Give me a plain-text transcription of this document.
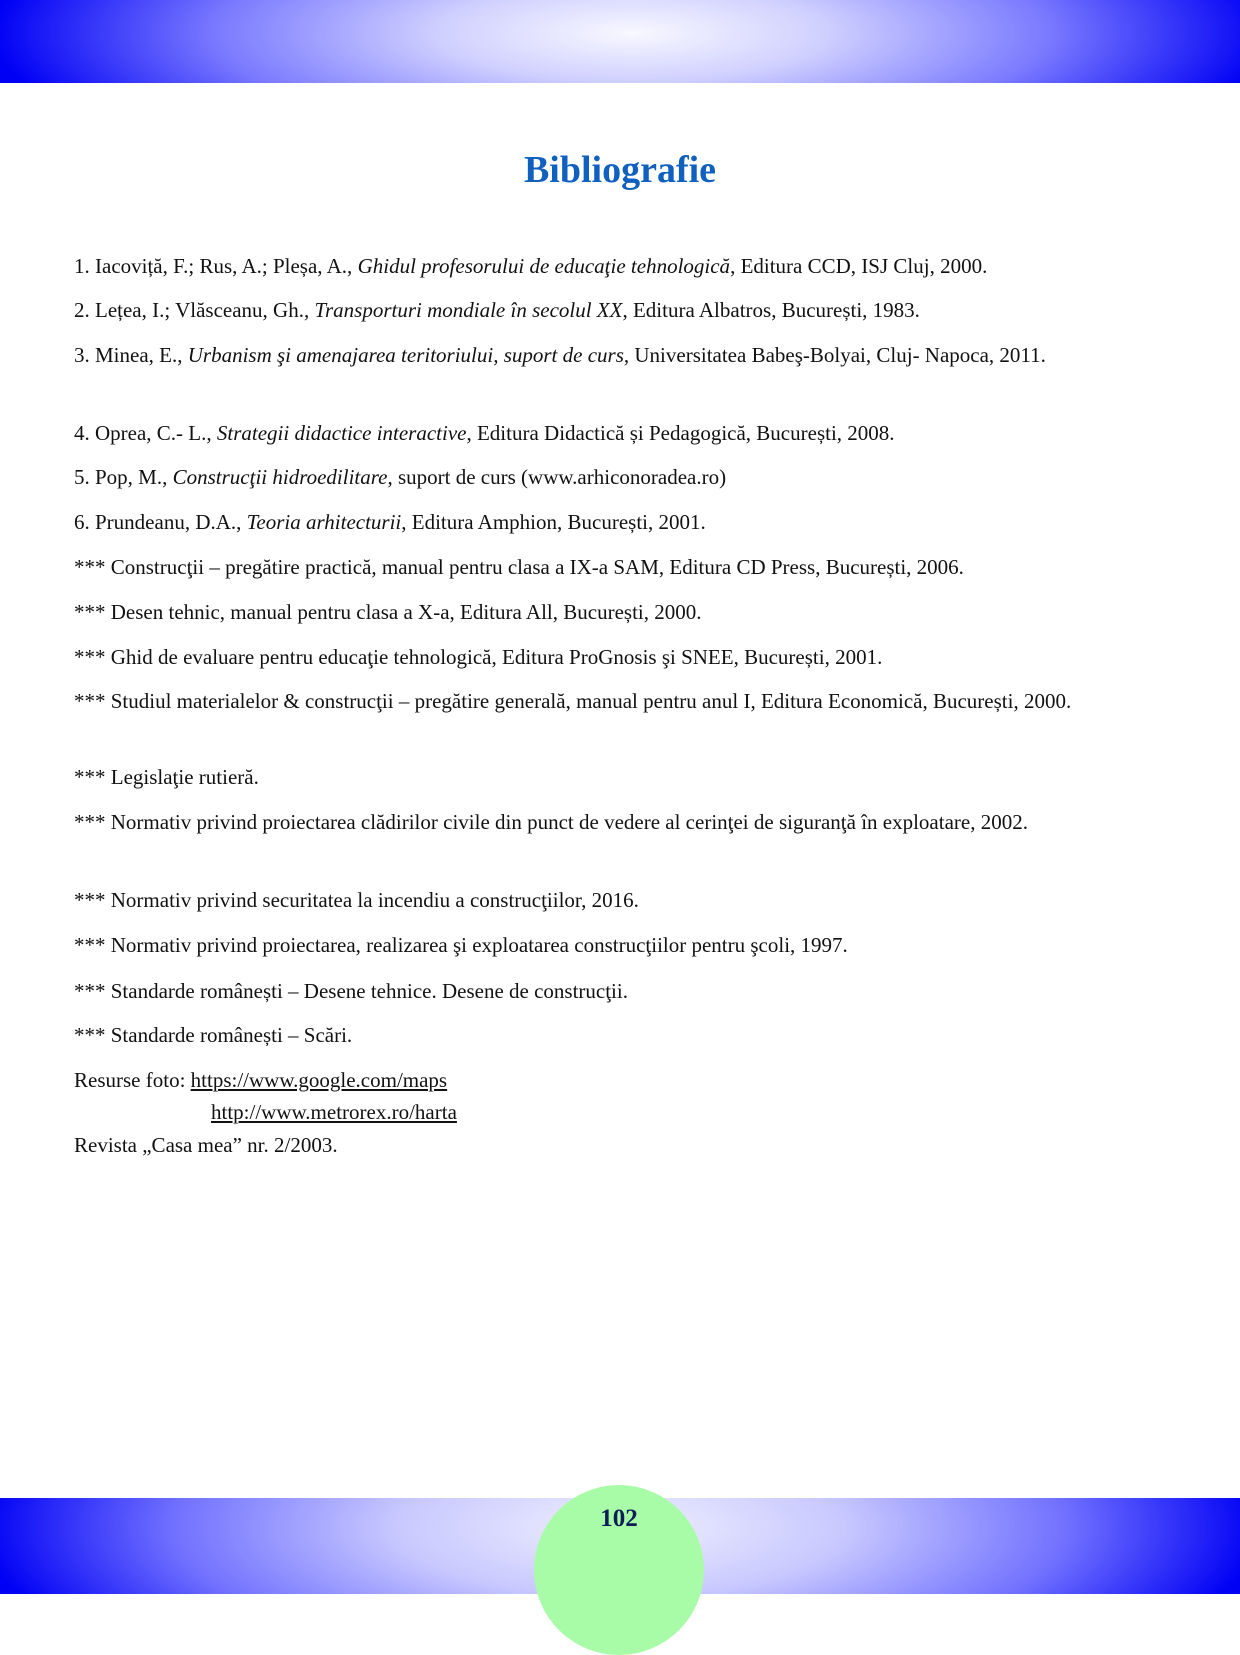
Bibliografie
1. Iacoviță, F.; Rus, A.; Pleșa, A., Ghidul profesorului de educaţie tehnologică, Editura CCD, ISJ Cluj, 2000.
2. Lețea, I.; Vlăsceanu, Gh., Transporturi mondiale în secolul XX, Editura Albatros, București, 1983.
3. Minea, E., Urbanism şi amenajarea teritoriului, suport de curs, Universitatea Babeş-Bolyai, Cluj- Napoca, 2011.
4. Oprea, C.- L., Strategii didactice interactive, Editura Didactică și Pedagogică, București, 2008.
5. Pop, M., Construcţii hidroedilitare, suport de curs (www.arhiconoradea.ro)
6. Prundeanu, D.A., Teoria arhitecturii, Editura Amphion, București, 2001.
*** Construcţii – pregătire practică, manual pentru clasa a IX-a SAM, Editura CD Press, București, 2006.
*** Desen tehnic, manual pentru clasa a X-a, Editura All, București, 2000.
*** Ghid de evaluare pentru educaţie tehnologică, Editura ProGnosis şi SNEE, București, 2001.
*** Studiul materialelor & construcţii – pregătire generală, manual pentru anul I, Editura Economică, București, 2000.
*** Legislaţie rutieră.
*** Normativ privind proiectarea clădirilor civile din punct de vedere al cerinţei de siguranţă în exploatare, 2002.
*** Normativ privind securitatea la incendiu a construcţiilor, 2016.
*** Normativ privind proiectarea, realizarea şi exploatarea construcţiilor pentru şcoli, 1997.
*** Standarde românești – Desene tehnice. Desene de construcţii.
*** Standarde românești – Scări.
Resurse foto: https://www.google.com/maps
http://www.metrorex.ro/harta
Revista „Casa mea” nr. 2/2003.
102
